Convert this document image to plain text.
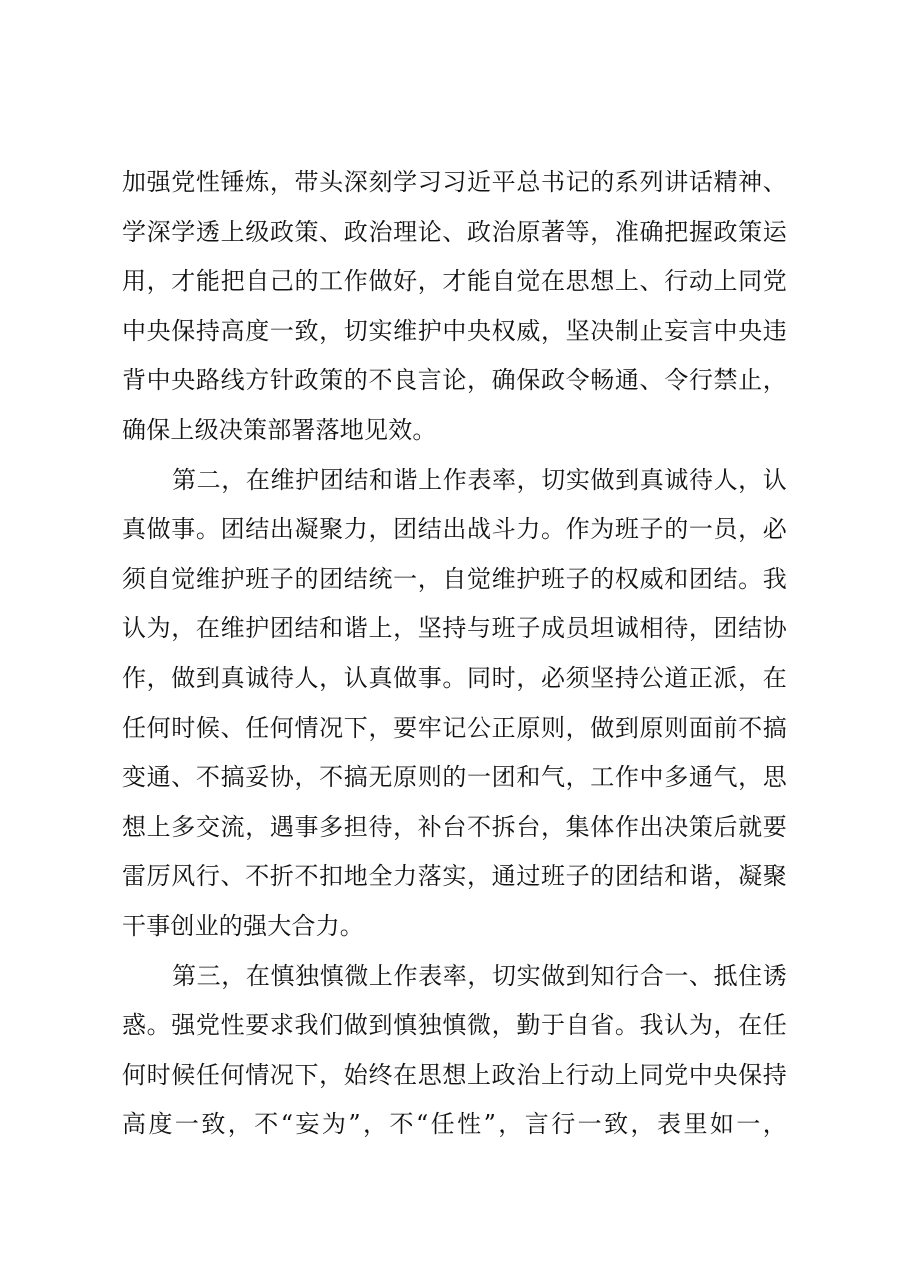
加强党性锤炼，带头深刻学习习近平总书记的系列讲话精神、
学深学透上级政策、政治理论、政治原著等，准确把握政策运
用，才能把自己的工作做好，才能自觉在思想上、行动上同党
中央保持高度一致，切实维护中央权威，坚决制止妄言中央违
背中央路线方针政策的不良言论，确保政令畅通、令行禁止，
确保上级决策部署落地见效。
第二，在维护团结和谐上作表率，切实做到真诚待人，认
真做事。团结出凝聚力，团结出战斗力。作为班子的一员，必
须自觉维护班子的团结统一，自觉维护班子的权威和团结。我
认为，在维护团结和谐上，坚持与班子成员坦诚相待，团结协
作，做到真诚待人，认真做事。同时，必须坚持公道正派，在
任何时候、任何情况下，要牢记公正原则，做到原则面前不搞
变通、不搞妥协，不搞无原则的一团和气，工作中多通气，思
想上多交流，遇事多担待，补台不拆台，集体作出决策后就要
雷厉风行、不折不扣地全力落实，通过班子的团结和谐，凝聚
干事创业的强大合力。
第三，在慎独慎微上作表率，切实做到知行合一、抵住诱
惑。强党性要求我们做到慎独慎微，勤于自省。我认为，在任
何时候任何情况下，始终在思想上政治上行动上同党中央保持
高度一致，不“妄为”，不“任性”，言行一致，表里如一，
